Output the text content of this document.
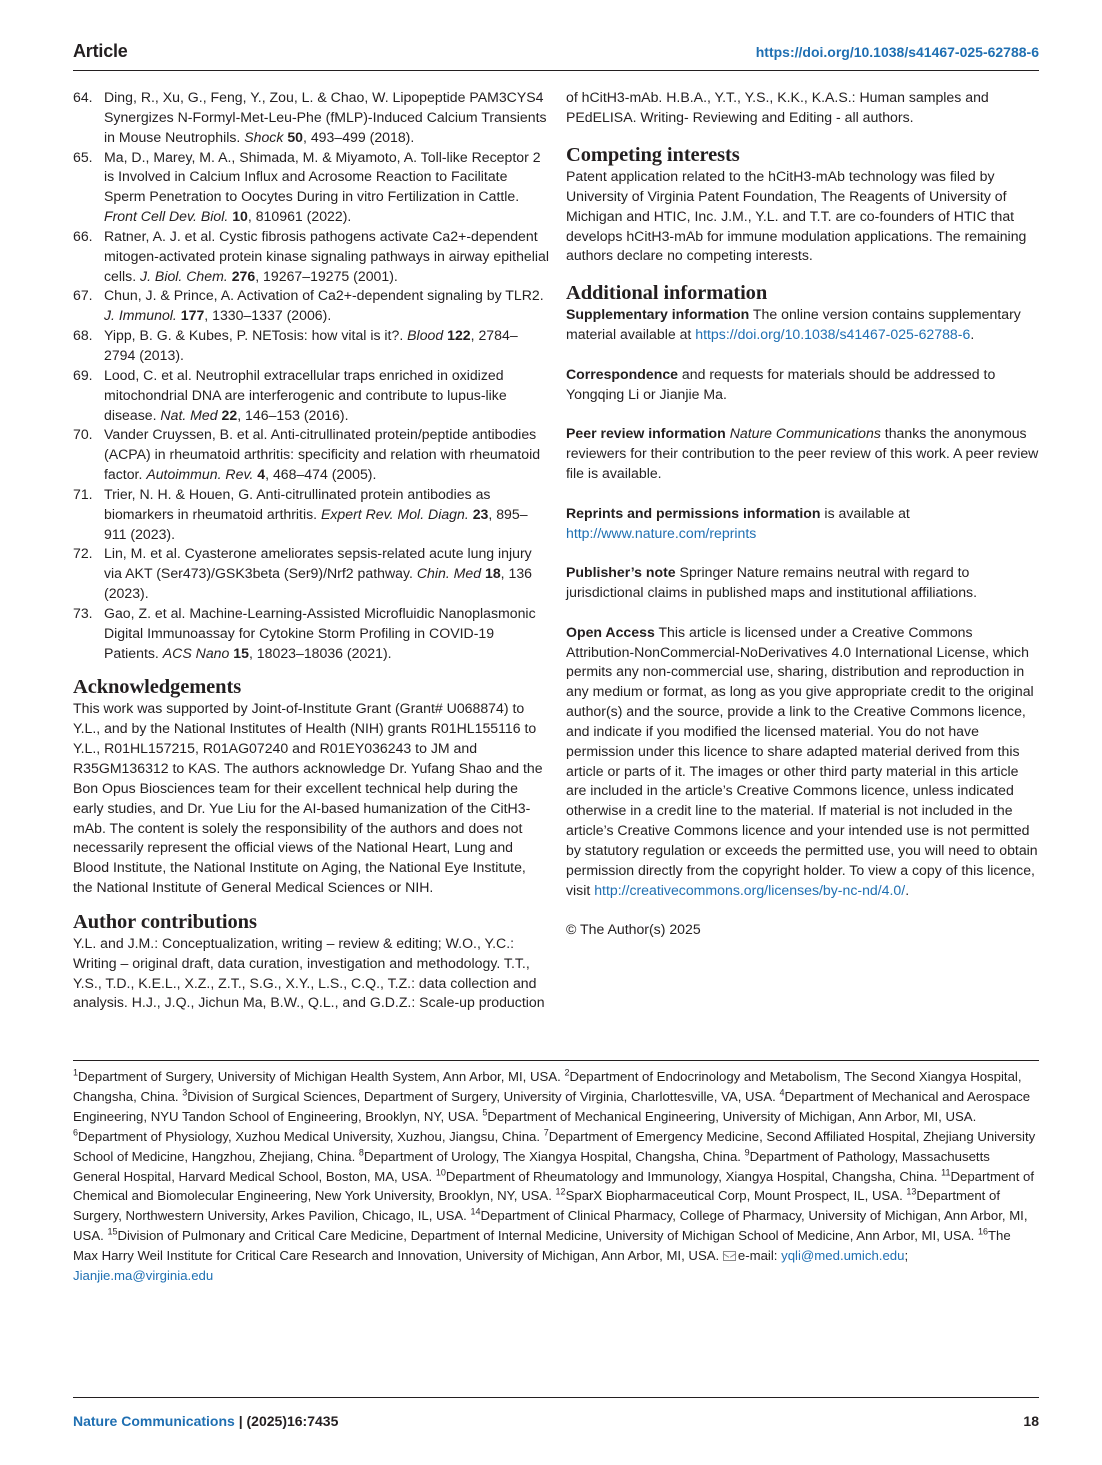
Article	https://doi.org/10.1038/s41467-025-62788-6
64. Ding, R., Xu, G., Feng, Y., Zou, L. & Chao, W. Lipopeptide PAM3CYS4 Synergizes N-Formyl-Met-Leu-Phe (fMLP)-Induced Calcium Transients in Mouse Neutrophils. Shock 50, 493–499 (2018).
65. Ma, D., Marey, M. A., Shimada, M. & Miyamoto, A. Toll-like Receptor 2 is Involved in Calcium Influx and Acrosome Reaction to Facilitate Sperm Penetration to Oocytes During in vitro Fertilization in Cattle. Front Cell Dev. Biol. 10, 810961 (2022).
66. Ratner, A. J. et al. Cystic fibrosis pathogens activate Ca2+-dependent mitogen-activated protein kinase signaling pathways in airway epithelial cells. J. Biol. Chem. 276, 19267–19275 (2001).
67. Chun, J. & Prince, A. Activation of Ca2+-dependent signaling by TLR2. J. Immunol. 177, 1330–1337 (2006).
68. Yipp, B. G. & Kubes, P. NETosis: how vital is it?. Blood 122, 2784–2794 (2013).
69. Lood, C. et al. Neutrophil extracellular traps enriched in oxidized mitochondrial DNA are interferogenic and contribute to lupus-like disease. Nat. Med 22, 146–153 (2016).
70. Vander Cruyssen, B. et al. Anti-citrullinated protein/peptide antibodies (ACPA) in rheumatoid arthritis: specificity and relation with rheumatoid factor. Autoimmun. Rev. 4, 468–474 (2005).
71. Trier, N. H. & Houen, G. Anti-citrullinated protein antibodies as biomarkers in rheumatoid arthritis. Expert Rev. Mol. Diagn. 23, 895–911 (2023).
72. Lin, M. et al. Cyasterone ameliorates sepsis-related acute lung injury via AKT (Ser473)/GSK3beta (Ser9)/Nrf2 pathway. Chin. Med 18, 136 (2023).
73. Gao, Z. et al. Machine-Learning-Assisted Microfluidic Nanoplasmonic Digital Immunoassay for Cytokine Storm Profiling in COVID-19 Patients. ACS Nano 15, 18023–18036 (2021).
Acknowledgements

This work was supported by Joint-of-Institute Grant (Grant# U068874) to Y.L., and by the National Institutes of Health (NIH) grants R01HL155116 to Y.L., R01HL157215, R01AG07240 and R01EY036243 to JM and R35GM136312 to KAS. The authors acknowledge Dr. Yufang Shao and the Bon Opus Biosciences team for their excellent technical help during the early studies, and Dr. Yue Liu for the AI-based humanization of the CitH3-mAb. The content is solely the responsibility of the authors and does not necessarily represent the official views of the National Heart, Lung and Blood Institute, the National Institute on Aging, the National Eye Institute, the National Institute of General Medical Sciences or NIH.

Author contributions

Y.L. and J.M.: Conceptualization, writing – review & editing; W.O., Y.C.: Writing – original draft, data curation, investigation and methodology. T.T., Y.S., T.D., K.E.L., X.Z., Z.T., S.G., X.Y., L.S., C.Q., T.Z.: data collection and analysis. H.J., J.Q., Jichun Ma, B.W., Q.L., and G.D.Z.: Scale-up production

of hCitH3-mAb. H.B.A., Y.T., Y.S., K.K., K.A.S.: Human samples and PEdELISA. Writing- Reviewing and Editing - all authors.

Competing interests

Patent application related to the hCitH3-mAb technology was filed by University of Virginia Patent Foundation, The Reagents of University of Michigan and HTIC, Inc. J.M., Y.L. and T.T. are co-founders of HTIC that develops hCitH3-mAb for immune modulation applications. The remaining authors declare no competing interests.

Additional information

Supplementary information The online version contains supplementary material available at https://doi.org/10.1038/s41467-025-62788-6.

Correspondence and requests for materials should be addressed to Yongqing Li or Jianjie Ma.

Peer review information Nature Communications thanks the anonymous reviewers for their contribution to the peer review of this work. A peer review file is available.

Reprints and permissions information is available at
http://www.nature.com/reprints

Publisher’s note Springer Nature remains neutral with regard to jurisdictional claims in published maps and institutional affiliations.

Open Access This article is licensed under a Creative Commons Attribution-NonCommercial-NoDerivatives 4.0 International License, which permits any non-commercial use, sharing, distribution and reproduction in any medium or format, as long as you give appropriate credit to the original author(s) and the source, provide a link to the Creative Commons licence, and indicate if you modified the licensed material. You do not have permission under this licence to share adapted material derived from this article or parts of it. The images or other third party material in this article are included in the article’s Creative Commons licence, unless indicated otherwise in a credit line to the material. If material is not included in the article’s Creative Commons licence and your intended use is not permitted by statutory regulation or exceeds the permitted use, you will need to obtain permission directly from the copyright holder. To view a copy of this licence, visit http://creativecommons.org/licenses/by-nc-nd/4.0/.

© The Author(s) 2025

$^1$Department of Surgery, University of Michigan Health System, Ann Arbor, MI, USA. $^2$Department of Endocrinology and Metabolism, The Second Xiangya Hospital, Changsha, China. $^3$Division of Surgical Sciences, Department of Surgery, University of Virginia, Charlottesville, VA, USA. $^4$Department of Mechanical and Aerospace Engineering, NYU Tandon School of Engineering, Brooklyn, NY, USA. $^5$Department of Mechanical Engineering, University of Michigan, Ann Arbor, MI, USA. $^6$Department of Physiology, Xuzhou Medical University, Xuzhou, Jiangsu, China. $^7$Department of Emergency Medicine, Second Affiliated Hospital, Zhejiang University School of Medicine, Hangzhou, Zhejiang, China. $^8$Department of Urology, The Xiangya Hospital, Changsha, China. $^9$Department of Pathology, Massachusetts General Hospital, Harvard Medical School, Boston, MA, USA. $^{10}$Department of Rheumatology and Immunology, Xiangya Hospital, Changsha, China. $^{11}$Department of Chemical and Biomolecular Engineering, New York University, Brooklyn, NY, USA. $^{12}$SparX Biopharmaceutical Corp, Mount Prospect, IL, USA. $^{13}$Department of Surgery, Northwestern University, Arkes Pavilion, Chicago, IL, USA. $^{14}$Department of Clinical Pharmacy, College of Pharmacy, University of Michigan, Ann Arbor, MI, USA. $^{15}$Division of Pulmonary and Critical Care Medicine, Department of Internal Medicine, University of Michigan School of Medicine, Ann Arbor, MI, USA. $^{16}$The Max Harry Weil Institute for Critical Care Research and Innovation, University of Michigan, Ann Arbor, MI, USA. e-mail: yqli@med.umich.edu; Jianjie.ma@virginia.edu
Nature Communications | (2025)16:7435	18
